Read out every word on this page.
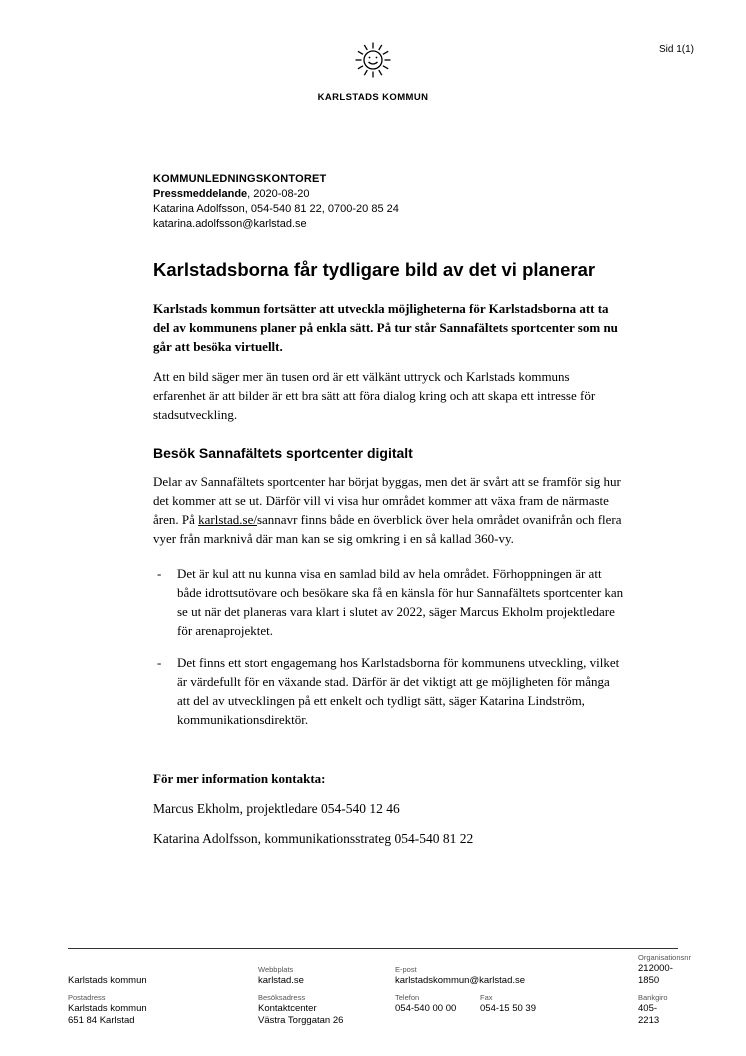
Sid 1(1)
KARLSTADS KOMMUN
KOMMUNLEDNINGSKONTORET
Pressmeddelande, 2020-08-20
Katarina Adolfsson, 054-540 81 22, 0700-20 85 24
katarina.adolfsson@karlstad.se
Karlstadsborna får tydligare bild av det vi planerar

Karlstads kommun fortsätter att utveckla möjligheterna för Karlstadsborna att ta del av kommunens planer på enkla sätt. På tur står Sannafältets sportcenter som nu går att besöka virtuellt.

Att en bild säger mer än tusen ord är ett välkänt uttryck och Karlstads kommuns erfarenhet är att bilder är ett bra sätt att föra dialog kring och att skapa ett intresse för stadsutveckling.

Besök Sannafältets sportcenter digitalt

Delar av Sannafältets sportcenter har börjat byggas, men det är svårt att se framför sig hur det kommer att se ut. Därför vill vi visa hur området kommer att växa fram de närmaste åren. På karlstad.se/sannavr finns både en överblick över hela området ovanifrån och flera vyer från marknivå där man kan se sig omkring i en så kallad 360-vy.

-	Det är kul att nu kunna visa en samlad bild av hela området. Förhoppningen är att både idrottsutövare och besökare ska få en känsla för hur Sannafältets sportcenter kan se ut när det planeras vara klart i slutet av 2022, säger Marcus Ekholm projektledare för arenaprojektet.
-	Det finns ett stort engagemang hos Karlstadsborna för kommunens utveckling, vilket är värdefullt för en växande stad. Därför är det viktigt att ge möjligheten för många att del av utvecklingen på ett enkelt och tydligt sätt, säger Katarina Lindström, kommunikationsdirektör.

För mer information kontakta:

Marcus Ekholm, projektledare 054-540 12 46

Katarina Adolfsson, kommunikationsstrateg 054-540 81 22

Karlstads kommun
Webbplats
karlstad.se
E-post
karlstadskommun@karlstad.se
Organisationsnr
212000-1850
Postadress
Karlstads kommun
651 84 Karlstad
Besöksadress
Kontaktcenter
Västra Torggatan 26
Telefon
054-540 00 00
Fax
054-15 50 39
Bankgiro
405-2213
